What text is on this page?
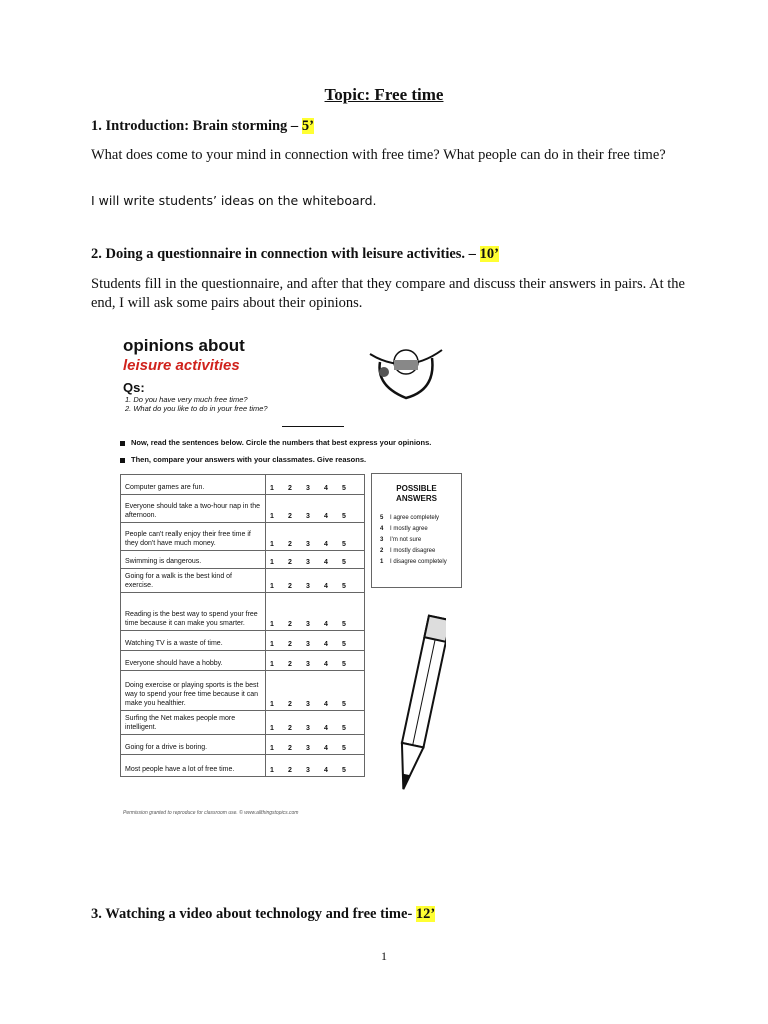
Topic: Free time
1. Introduction: Brain storming – 5’
What does come to your mind in connection with free time? What people can do in their free time?
I will write students’ ideas on the whiteboard.
2. Doing a questionnaire in connection with leisure activities. – 10’
Students fill in the questionnaire, and after that they compare and discuss their answers in pairs. At the end, I will ask some pairs about their opinions.
opinions about
leisure activities
Qs:
1. Do you have very much free time?
2. What do you like to do in your free time?
Now, read the sentences below. Circle the numbers that best express your opinions.
Then, compare your answers with your classmates. Give reasons.
Computer games are fun.	1 2 3 4 5
Everyone should take a two-hour nap in the afternoon.	1 2 3 4 5
People can't really enjoy their free time if they don't have much money.	1 2 3 4 5
Swimming is dangerous.	1 2 3 4 5
Going for a walk is the best kind of exercise.	1 2 3 4 5
Reading is the best way to spend your free time because it can make you smarter.	1 2 3 4 5
Watching TV is a waste of time.	1 2 3 4 5
Everyone should have a hobby.	1 2 3 4 5
Doing exercise or playing sports is the best way to spend your free time because it can make you healthier.	1 2 3 4 5
Surfing the Net makes people more intelligent.	1 2 3 4 5
Going for a drive is boring.	1 2 3 4 5
Most people have a lot of free time.	1 2 3 4 5
POSSIBLE
ANSWERS
5 I agree completely
4 I mostly agree
3 I'm not sure
2 I mostly disagree
1 I disagree completely
Permission granted to reproduce for classroom use. © www.allthingstopics.com
3. Watching a video about technology and free time- 12’
1
